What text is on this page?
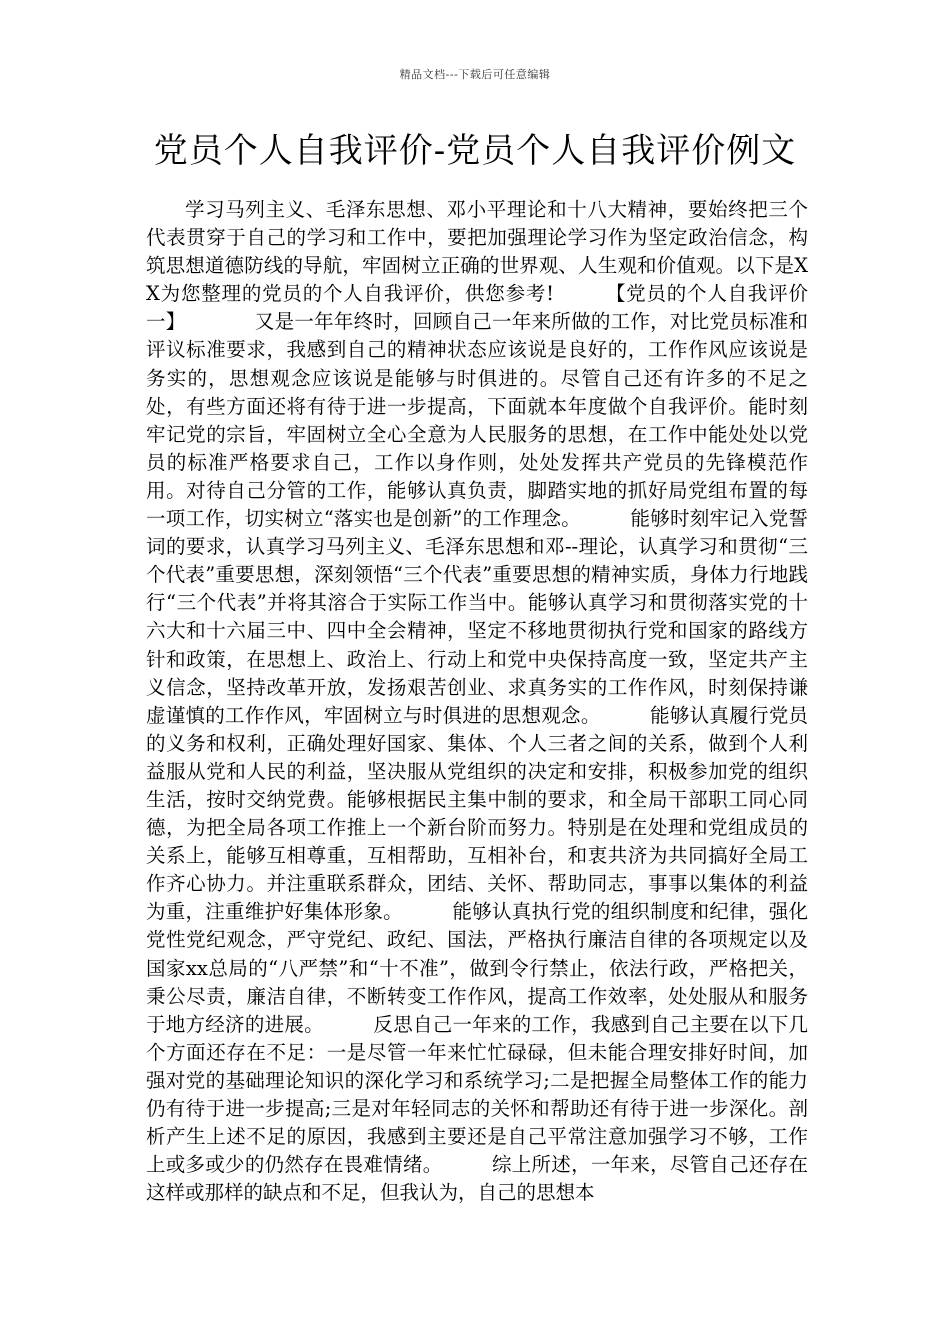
精品文档---下载后可任意编辑
党员个人自我评价-党员个人自我评价例文
学习马列主义、毛泽东思想、邓小平理论和十八大精神，要始终把三个代表贯穿于自己的学习和工作中，要把加强理论学习作为坚定政治信念，构筑思想道德防线的导航，牢固树立正确的世界观、人生观和价值观。以下是XX为您整理的党员的个人自我评价，供您参考!　　　【党员的个人自我评价一】　　　　又是一年年终时，回顾自己一年来所做的工作，对比党员标准和评议标准要求，我感到自己的精神状态应该说是良好的，工作作风应该说是务实的，思想观念应该说是能够与时俱进的。尽管自己还有许多的不足之处，有些方面还将有待于进一步提高，下面就本年度做个自我评价。能时刻牢记党的宗旨，牢固树立全心全意为人民服务的思想，在工作中能处处以党员的标准严格要求自己，工作以身作则，处处发挥共产党员的先锋模范作用。对待自己分管的工作，能够认真负责，脚踏实地的抓好局党组布置的每一项工作，切实树立“落实也是创新”的工作理念。　　　能够时刻牢记入党誓词的要求，认真学习马列主义、毛泽东思想和邓--理论，认真学习和贯彻“三个代表”重要思想，深刻领悟“三个代表”重要思想的精神实质，身体力行地践行“三个代表”并将其溶合于实际工作当中。能够认真学习和贯彻落实党的十六大和十六届三中、四中全会精神，坚定不移地贯彻执行党和国家的路线方针和政策，在思想上、政治上、行动上和党中央保持高度一致，坚定共产主义信念，坚持改革开放，发扬艰苦创业、求真务实的工作作风，时刻保持谦虚谨慎的工作作风，牢固树立与时俱进的思想观念。　　　能够认真履行党员的义务和权利，正确处理好国家、集体、个人三者之间的关系，做到个人利益服从党和人民的利益，坚决服从党组织的决定和安排，积极参加党的组织生活，按时交纳党费。能够根据民主集中制的要求，和全局干部职工同心同德，为把全局各项工作推上一个新台阶而努力。特别是在处理和党组成员的关系上，能够互相尊重，互相帮助，互相补台，和衷共济为共同搞好全局工作齐心协力。并注重联系群众，团结、关怀、帮助同志，事事以集体的利益为重，注重维护好集体形象。　　　能够认真执行党的组织制度和纪律，强化党性党纪观念，严守党纪、政纪、国法，严格执行廉洁自律的各项规定以及国家xx总局的“八严禁”和“十不准”，做到令行禁止，依法行政，严格把关，秉公尽责，廉洁自律，不断转变工作作风，提高工作效率，处处服从和服务于地方经济的进展。　　　反思自己一年来的工作，我感到自己主要在以下几个方面还存在不足：一是尽管一年来忙忙碌碌，但未能合理安排好时间，加强对党的基础理论知识的深化学习和系统学习;二是把握全局整体工作的能力仍有待于进一步提高;三是对年轻同志的关怀和帮助还有待于进一步深化。剖析产生上述不足的原因，我感到主要还是自己平常注意加强学习不够，工作上或多或少的仍然存在畏难情绪。　　　综上所述，一年来，尽管自己还存在这样或那样的缺点和不足，但我认为，自己的思想本
